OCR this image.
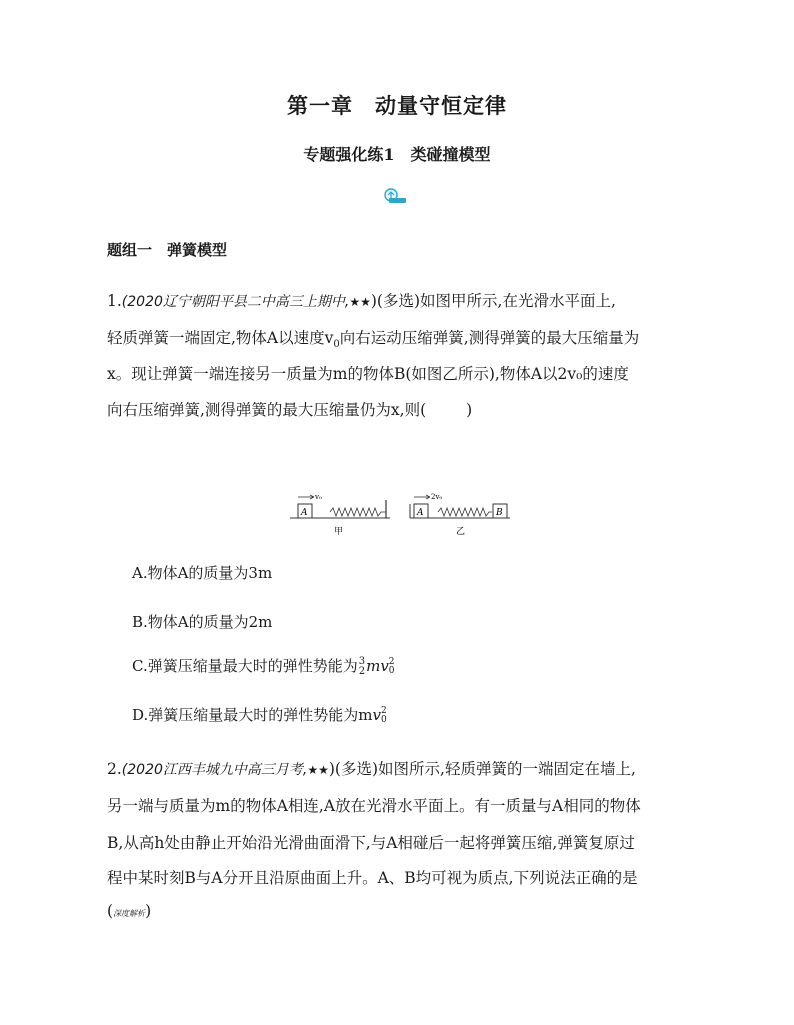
第一章　动量守恒定律
专题强化练1　类碰撞模型
题组一　弹簧模型
1.(2020辽宁朝阳平县二中高三上期中,★★)(多选)如图甲所示,在光滑水平面上,
轻质弹簧一端固定,物体A以速度$v_0$向右运动压缩弹簧,测得弹簧的最大压缩量为
x。现让弹簧一端连接另一质量为m的物体B(如图乙所示),物体A以2v₀的速度
向右压缩弹簧,测得弹簧的最大压缩量仍为x,则(	)
A
v₀
甲
A
2v₀
B
乙
A.物体A的质量为3m
B.物体A的质量为2m
C.弹簧压缩量最大时的弹性势能为 3
2 mv 2
0
D.弹簧压缩量最大时的弹性势能为mv 2
0
2.(2020江西丰城九中高三月考,★★)(多选)如图所示,轻质弹簧的一端固定在墙上,
另一端与质量为m的物体A相连,A放在光滑水平面上。有一质量与A相同的物体
B,从高h处由静止开始沿光滑曲面滑下,与A相碰后一起将弹簧压缩,弹簧复原过
程中某时刻B与A分开且沿原曲面上升。A、B均可视为质点,下列说法正确的是
(深度解析)
